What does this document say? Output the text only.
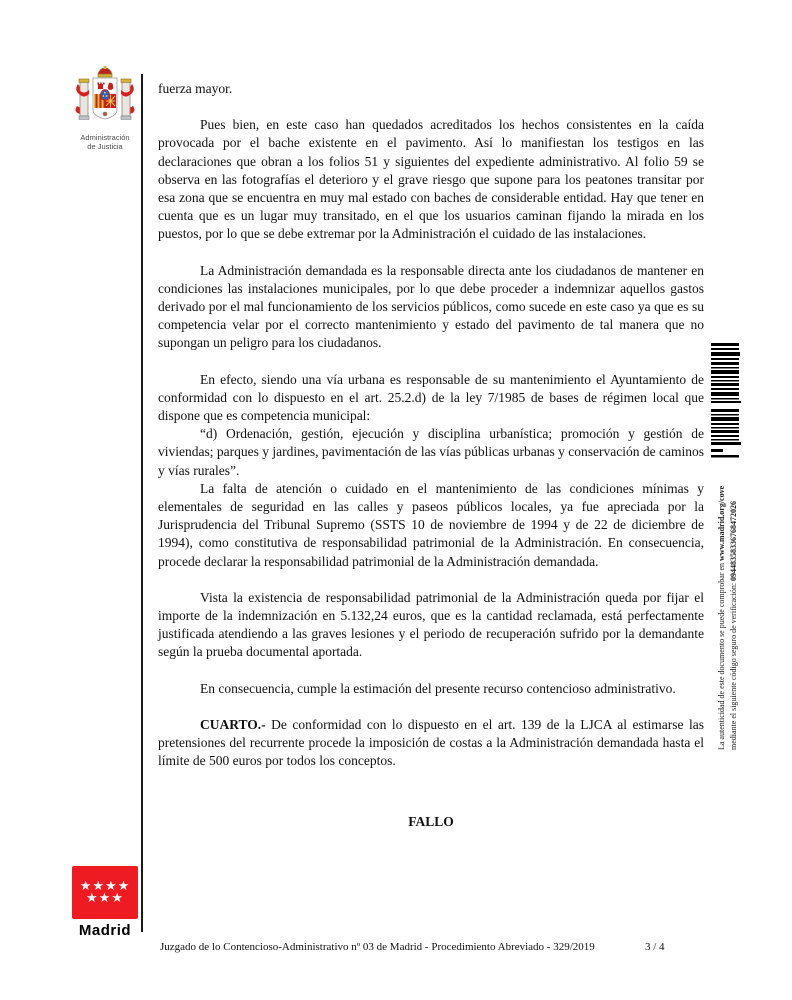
Administración
de Justicia

fuerza mayor.

Pues bien, en este caso han quedados acreditados los hechos consistentes en la caída provocada por el bache existente en el pavimento. Así lo manifiestan los testigos en las declaraciones que obran a los folios 51 y siguientes del expediente administrativo. Al folio 59 se observa en las fotografías el deterioro y el grave riesgo que supone para los peatones transitar por esa zona que se encuentra en muy mal estado con baches de considerable entidad. Hay que tener en cuenta que es un lugar muy transitado, en el que los usuarios caminan fijando la mirada en los puestos, por lo que se debe extremar por la Administración el cuidado de las instalaciones.

La Administración demandada es la responsable directa ante los ciudadanos de mantener en condiciones las instalaciones municipales, por lo que debe proceder a indemnizar aquellos gastos derivado por el mal funcionamiento de los servicios públicos, como sucede en este caso ya que es su competencia velar por el correcto mantenimiento y estado del pavimento de tal manera que no supongan un peligro para los ciudadanos.

En efecto, siendo una vía urbana es responsable de su mantenimiento el Ayuntamiento de conformidad con lo dispuesto en el art. 25.2.d) de la ley 7/1985 de bases de régimen local que dispone que es competencia municipal:

“d) Ordenación, gestión, ejecución y disciplina urbanística; promoción y gestión de viviendas; parques y jardines, pavimentación de las vías públicas urbanas y conservación de caminos y vías rurales”.

La falta de atención o cuidado en el mantenimiento de las condiciones mínimas y elementales de seguridad en las calles y paseos públicos locales, ya fue apreciada por la Jurisprudencia del Tribunal Supremo (SSTS 10 de noviembre de 1994 y de 22 de diciembre de 1994), como constitutiva de responsabilidad patrimonial de la Administración. En consecuencia, procede declarar la responsabilidad patrimonial de la Administración demandada.

Vista la existencia de responsabilidad patrimonial de la Administración queda por fijar el importe de la indemnización en 5.132,24 euros, que es la cantidad reclamada, está perfectamente justificada atendiendo a las graves lesiones y el periodo de recuperación sufrido por la demandante según la prueba documental aportada.

En consecuencia, cumple la estimación del presente recurso contencioso administrativo.

CUARTO.- De conformidad con lo dispuesto en el art. 139 de la LJCA al estimarse las pretensiones del recurrente procede la imposición de costas a la Administración demandada hasta el límite de 500 euros por todos los conceptos.

FALLO

La autenticidad de este documento se puede comprobar en www.madrid.org/cove
mediante el siguiente código seguro de verificación: 09448358336768472026
★★★★
★★★
Madrid
Juzgado de lo Contencioso-Administrativo nº 03 de Madrid - Procedimiento Abreviado - 329/2019	3 / 4
